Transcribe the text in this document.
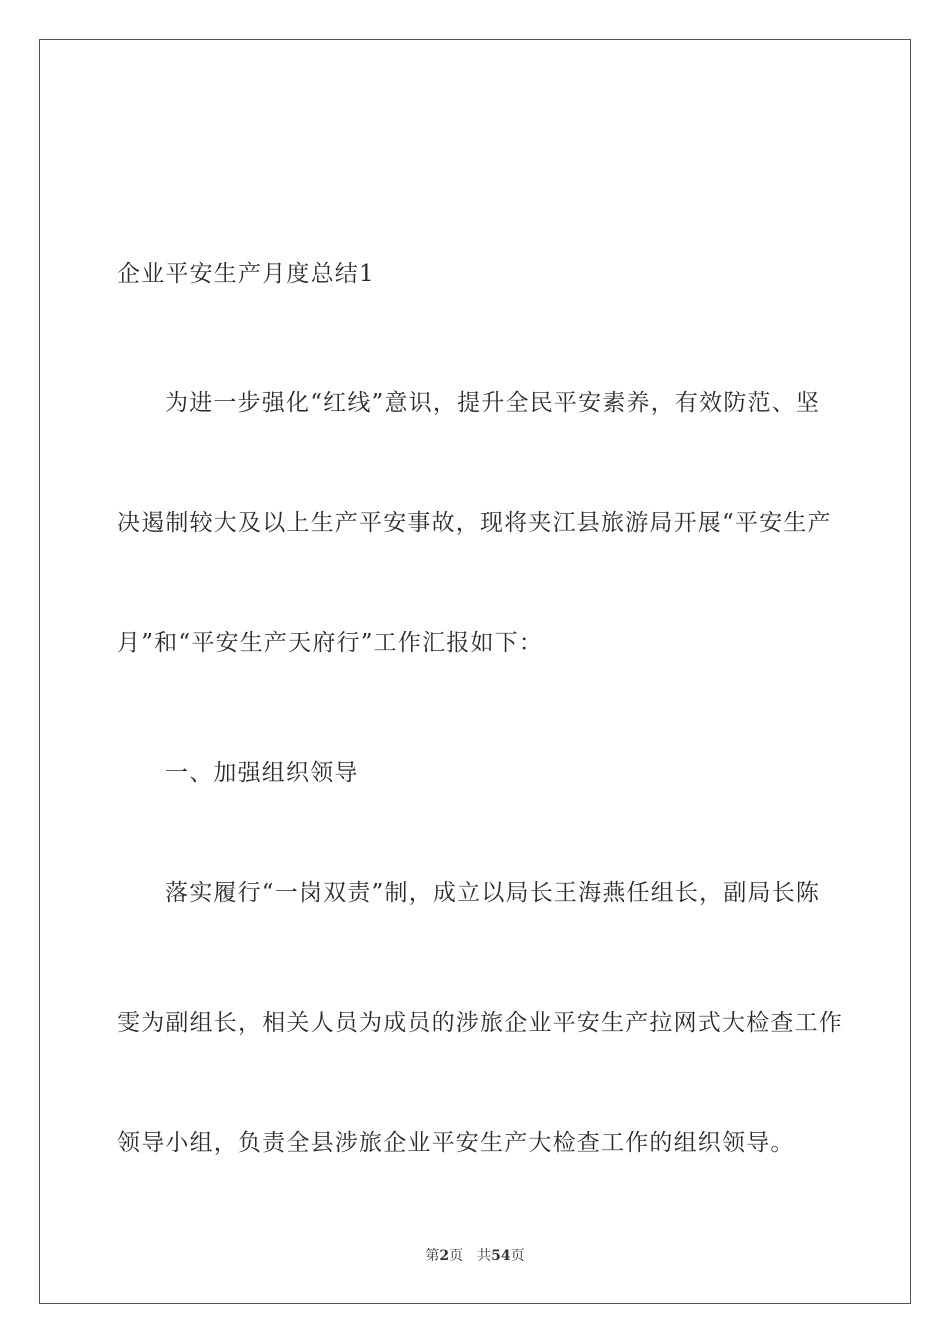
企业平安生产月度总结1
为进一步强化“红线”意识，提升全民平安素养，有效防范、坚
决遏制较大及以上生产平安事故，现将夹江县旅游局开展“平安生产
月”和“平安生产天府行”工作汇报如下：
一、加强组织领导
落实履行“一岗双责”制，成立以局长王海燕任组长，副局长陈
雯为副组长，相关人员为成员的涉旅企业平安生产拉网式大检查工作
领导小组，负责全县涉旅企业平安生产大检查工作的组织领导。
第2页 共54页
